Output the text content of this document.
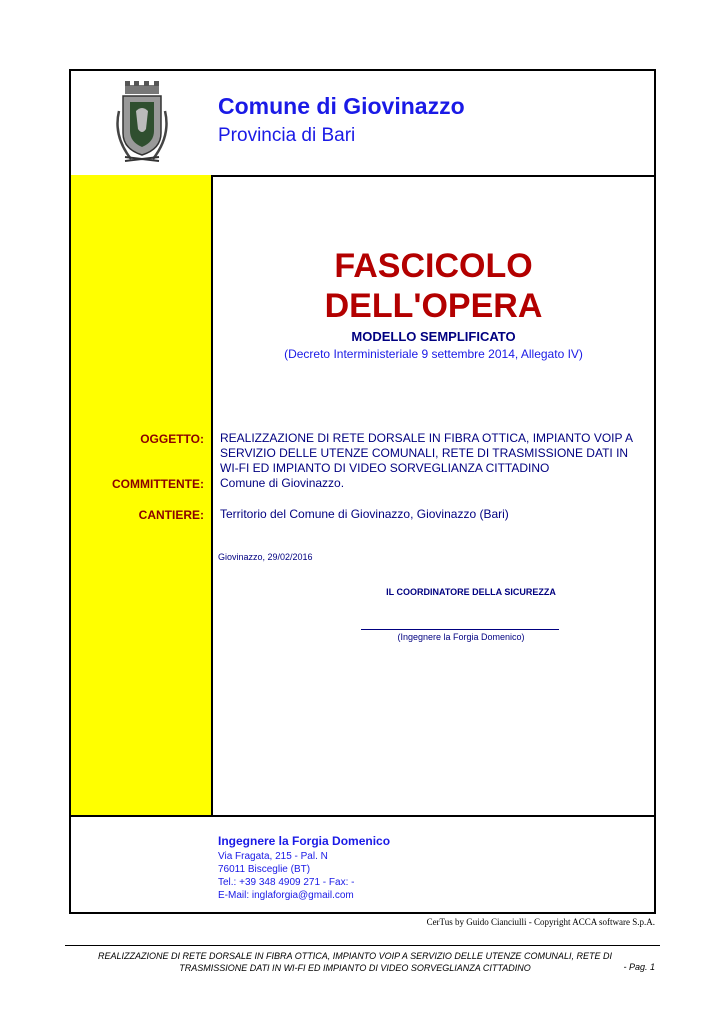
Comune di Giovinazzo
Provincia di Bari
FASCICOLO
DELL'OPERA
MODELLO SEMPLIFICATO
(Decreto Interministeriale 9 settembre 2014, Allegato IV)
OGGETTO: REALIZZAZIONE DI RETE DORSALE IN FIBRA OTTICA, IMPIANTO VOIP A SERVIZIO DELLE UTENZE COMUNALI, RETE DI TRASMISSIONE DATI IN WI-FI ED IMPIANTO DI VIDEO SORVEGLIANZA CITTADINO
COMMITTENTE: Comune di Giovinazzo.
CANTIERE: Territorio del Comune di Giovinazzo, Giovinazzo (Bari)
Giovinazzo, 29/02/2016
IL COORDINATORE DELLA SICUREZZA
(Ingegnere la Forgia Domenico)
Ingegnere la Forgia Domenico
Via Fragata, 215 - Pal. N
76011 Bisceglie (BT)
Tel.: +39 348 4909 271 - Fax: -
E-Mail: inglaforgia@gmail.com
CerTus by Guido Cianciulli - Copyright ACCA software S.p.A.
REALIZZAZIONE DI RETE DORSALE IN FIBRA OTTICA, IMPIANTO VOIP A SERVIZIO DELLE UTENZE COMUNALI, RETE DI
TRASMISSIONE DATI IN WI-FI ED IMPIANTO DI VIDEO SORVEGLIANZA CITTADINO	- Pag. 1
